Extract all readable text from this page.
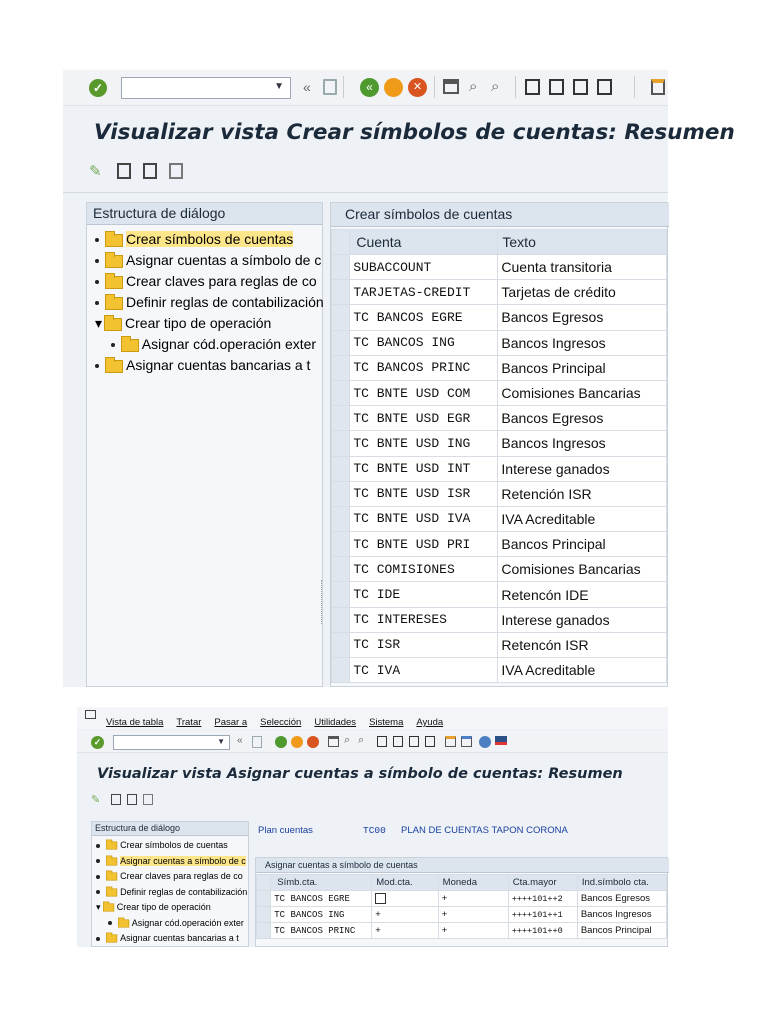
✓	▼ «	«	✕	⌕ ⌕
Visualizar vista Crear símbolos de cuentas: Resumen
✎
Estructura de diálogo
Crear símbolos de cuentas
Asignar cuentas a símbolo de c
Crear claves para reglas de co
Definir reglas de contabilización
▾ Crear tipo de operación
Asignar cód.operación exter
Asignar cuentas bancarias a t
Crear símbolos de cuentas
	Cuenta	Texto
	SUBACCOUNT	Cuenta transitoria
	TARJETAS-CREDIT	Tarjetas de crédito
	TC BANCOS EGRE	Bancos Egresos
	TC BANCOS ING	Bancos Ingresos
	TC BANCOS PRINC	Bancos Principal
	TC BNTE USD COM	Comisiones Bancarias
	TC BNTE USD EGR	Bancos Egresos
	TC BNTE USD ING	Bancos Ingresos
	TC BNTE USD INT	Interese ganados
	TC BNTE USD ISR	Retención ISR
	TC BNTE USD IVA	IVA Acreditable
	TC BNTE USD PRI	Bancos Principal
	TC COMISIONES	Comisiones Bancarias
	TC IDE	Retencón IDE
	TC INTERESES	Interese ganados
	TC ISR	Retencón ISR
	TC IVA	IVA Acreditable
Vista de tabla Tratar Pasar a Selección Utilidades Sistema Ayuda
✓	▼ «	⌕ ⌕
Visualizar vista Asignar cuentas a símbolo de cuentas: Resumen
✎
Estructura de diálogo
Crear símbolos de cuentas
Asignar cuentas a símbolo de c
Crear claves para reglas de co
Definir reglas de contabilización
▾ Crear tipo de operación
Asignar cód.operación exter
Asignar cuentas bancarias a t
Plan cuentas	TC00 PLAN DE CUENTAS TAPON CORONA
Asignar cuentas a símbolo de cuentas
	Símb.cta.	Mod.cta.	Moneda	Cta.mayor	Ind.símbolo cta.
	TC BANCOS EGRE		+	++++101++2	Bancos Egresos
	TC BANCOS ING	+	+	++++101++1	Bancos Ingresos
	TC BANCOS PRINC	+	+	++++101++0	Bancos Principal
